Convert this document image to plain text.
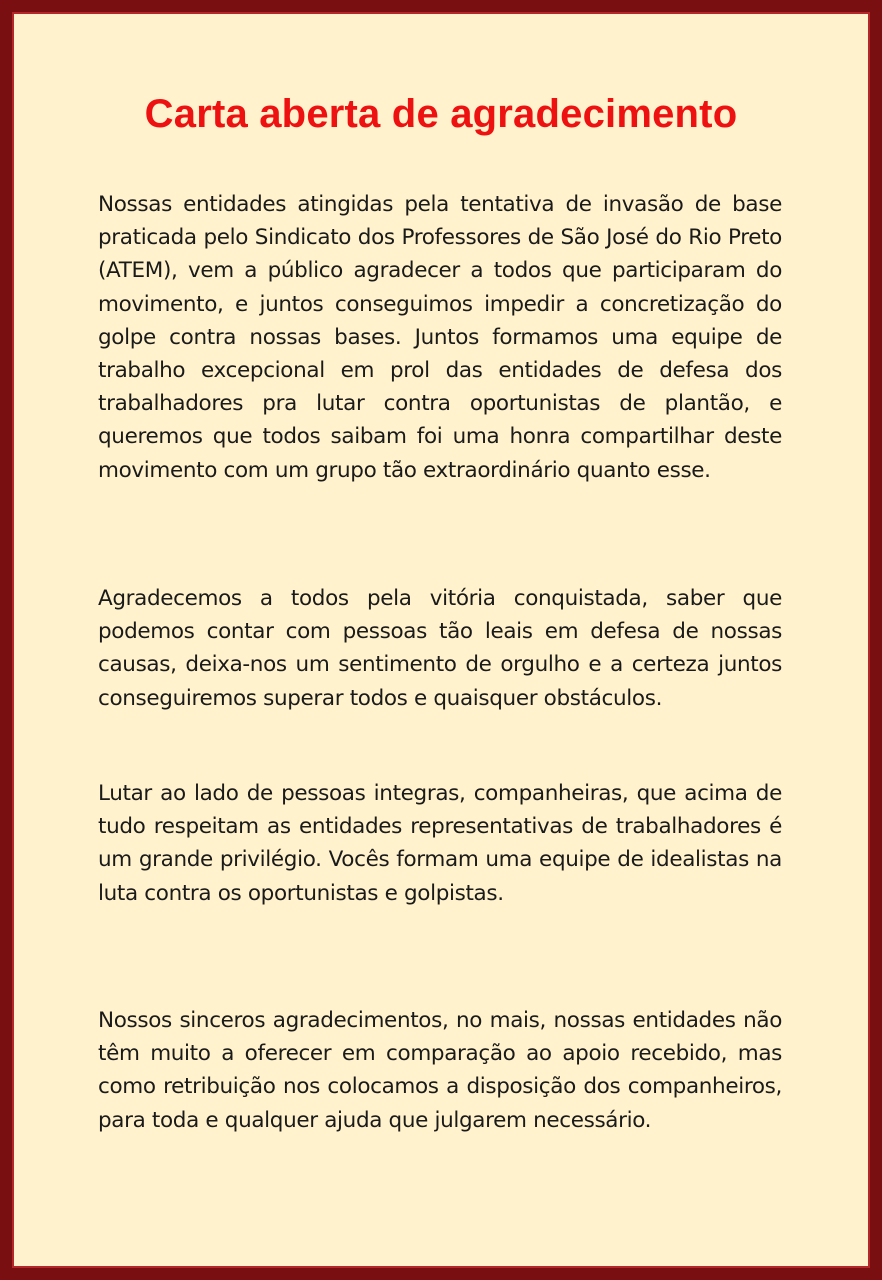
Carta aberta de agradecimento

Nossas entidades atingidas pela tentativa de invasão de base praticada pelo Sindicato dos Professores de São José do Rio Preto (ATEM), vem a público agradecer a todos que participaram do movimento, e juntos conseguimos impedir a concretização do golpe contra nossas bases. Juntos formamos uma equipe de trabalho excepcional em prol das entidades de defesa dos trabalhadores pra lutar contra oportunistas de plantão, e queremos que todos saibam foi uma honra compartilhar deste movimento com um grupo tão extraordinário quanto esse.

Agradecemos a todos pela vitória conquistada, saber que podemos contar com pessoas tão leais em defesa de nossas causas, deixa-nos um sentimento de orgulho e a certeza juntos conseguiremos superar todos e quaisquer obstáculos.

Lutar ao lado de pessoas integras, companheiras, que acima de tudo respeitam as entidades representativas de trabalhadores é um grande privilégio. Vocês formam uma equipe de idealistas na luta contra os oportunistas e golpistas.

Nossos sinceros agradecimentos, no mais, nossas entidades não têm muito a oferecer em comparação ao apoio recebido, mas como retribuição nos colocamos a disposição dos companheiros, para toda e qualquer ajuda que julgarem necessário.
